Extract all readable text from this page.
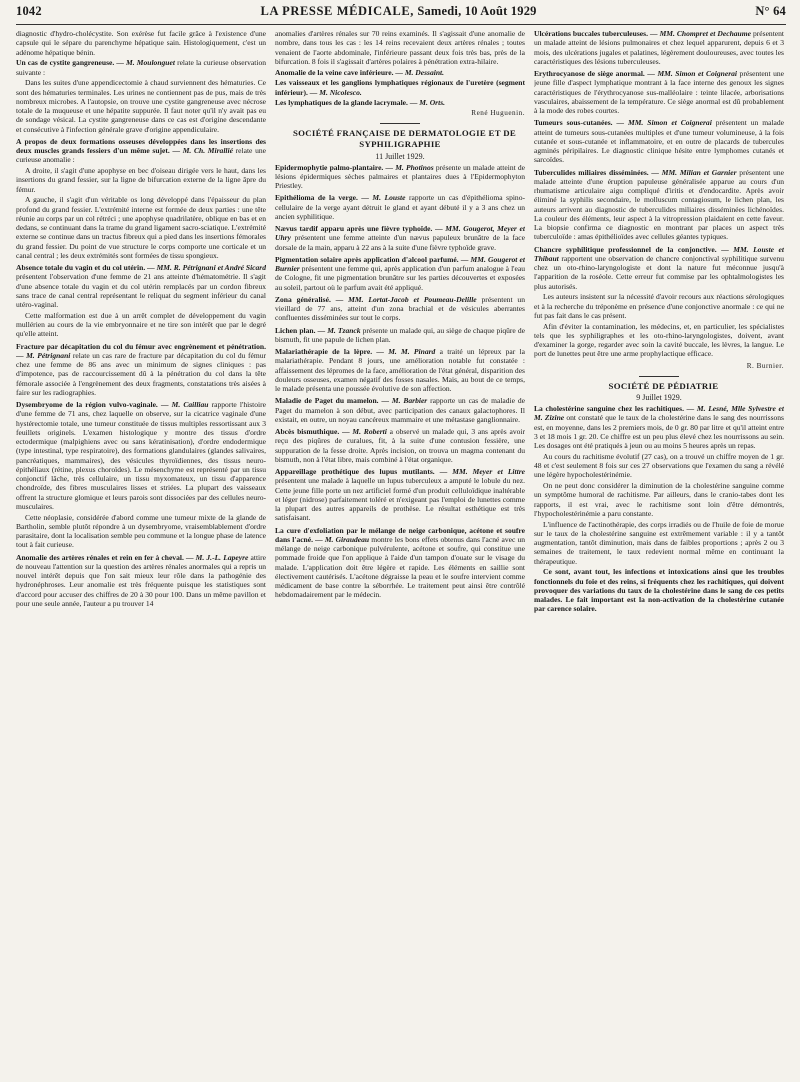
1042	LA PRESSE MÉDICALE, Samedi, 10 Août 1929	N° 64

diagnostic d'hydro-cholécystite. Son exérèse fut facile grâce à l'existence d'une capsule qui le sépare du parenchyme hépatique sain. Histologiquement, c'est un adénome hépatique bénin.

Un cas de cystite gangreneuse. — M. Moulonguet relate la curieuse observation suivante :

Dans les suites d'une appendicectomie à chaud surviennent des hématuries. Ce sont des hématuries terminales. Les urines ne contiennent pas de pus, mais de très nombreux microbes. A l'autopsie, on trouve une cystite gangreneuse avec nécrose totale de la muqueuse et une hépatite suppurée. Il faut noter qu'il n'y avait pas eu de sondage vésical. La cystite gangreneuse dans ce cas est d'origine descendante et consécutive à l'infection générale grave d'origine appendiculaire.

A propos de deux formations osseuses développées dans les insertions des deux muscles grands fessiers d'un même sujet. — M. Ch. Mirallié relate une curieuse anomalie :

A droite, il s'agit d'une apophyse en bec d'oiseau dirigée vers le haut, dans les insertions du grand fessier, sur la ligne de bifurcation externe de la ligne âpre du fémur.

A gauche, il s'agit d'un véritable os long développé dans l'épaisseur du plan profond du grand fessier. L'extrémité interne est formée de deux parties : une tête réunie au corps par un col rétréci ; une apophyse quadrilatère, oblique en bas et en dedans, se continuant dans la trame du grand ligament sacro-sciatique. L'extrémité externe se continue dans un tractus fibreux qui a pied dans les insertions fémorales du grand fessier. Du point de vue structure le corps comporte une corticale et un canal central ; les deux extrémités sont formées de tissu spongieux.

Absence totale du vagin et du col utérin. — MM. R. Pétrignani et André Sicard présentent l'observation d'une femme de 21 ans atteinte d'hématométrie. Il s'agit d'une absence totale du vagin et du col utérin remplacés par un cordon fibreux sans trace de canal central représentant le reliquat du segment inférieur du canal utéro-vaginal.

Cette malformation est due à un arrêt complet de développement du vagin mullérien au cours de la vie embryonnaire et ne tire son intérêt que par le degré qu'elle atteint.

Fracture par décapitation du col du fémur avec engrènement et pénétration. — M. Pétrignani relate un cas rare de fracture par décapitation du col du fémur chez une femme de 86 ans avec un minimum de signes cliniques : pas d'impotence, pas de raccourcissement dû à la pénétration du col dans la tête fémorale associée à l'engrènement des deux fragments, constatations très aisées à faire sur les radiographies.

Dysembryome de la région vulvo-vaginale. — M. Cailliau rapporte l'histoire d'une femme de 71 ans, chez laquelle on observe, sur la cicatrice vaginale d'une hystérectomie totale, une tumeur constituée de tissus multiples ressortissant aux 3 feuillets originels. L'examen histologique y montre des tissus d'ordre ectodermique (malpighiens avec ou sans kératinisation), d'ordre endodermique (type intestinal, type respiratoire), des formations glandulaires (glandes salivaires, pancréatiques, mammaires), des vésicules thyroïdiennes, des tissus neuro-épithéliaux (rétine, plexus choroïdes). Le mésenchyme est représenté par un tissu conjonctif lâche, très cellulaire, un tissu myxomateux, un tissu d'apparence chondroïde, des fibres musculaires lisses et striées. La plupart des vaisseaux offrent la structure glomique et leurs parois sont dissociées par des cellules neuro-musculaires.

Cette néoplasie, considérée d'abord comme une tumeur mixte de la glande de Bartholin, semble plutôt répondre à un dysembryome, vraisemblablement d'ordre parasitaire, dont la localisation semble peu commune et la longue phase de latence tout à fait curieuse.

Anomalie des artères rénales et rein en fer à cheval. — M. J.-L. Lapeyre attire de nouveau l'attention sur la question des artères rénales anormales qui a repris un nouvel intérêt depuis que l'on sait mieux leur rôle dans la pathogénie des hydronéphroses. Leur anomalie est très fréquente puisque les statistiques sont d'accord pour accuser des chiffres de 20 à 30 pour 100. Dans un même pavillon et pour une seule année, l'auteur a pu trouver 14

anomalies d'artères rénales sur 70 reins examinés. Il s'agissait d'une anomalie de nombre, dans tous les cas : les 14 reins recevaient deux artères rénales ; toutes venaient de l'aorte abdominale, l'inférieure passant deux fois très bas, près de la bifurcation. 8 fois il s'agissait d'artères polaires à pénétration extra-hilaire.

Anomalie de la veine cave inférieure. — M. Dessaint.

Les vaisseaux et les ganglions lymphatiques régionaux de l'uretère (segment inférieur). — M. Nicolesco.

Les lymphatiques de la glande lacrymale. — M. Orts.

René Huguenin.

SOCIÉTÉ FRANÇAISE DE DERMATOLOGIE ET DE SYPHILIGRAPHIE

11 Juillet 1929.

Epidermophytie palmo-plantaire. — M. Photinos présente un malade atteint de lésions épidermiques sèches palmaires et plantaires dues à l'Epidermophyton Priestley.

Epithélioma de la verge. — M. Louste rapporte un cas d'épithélioma spino-cellulaire de la verge ayant détruit le gland et ayant débuté il y a 3 ans chez un ancien syphilitique.

Nævus tardif apparu après une fièvre typhoïde. — MM. Gougerot, Meyer et Uhry présentent une femme atteinte d'un nævus papuleux brunâtre de la face dorsale de la main, apparu à 22 ans à la suite d'une fièvre typhoïde grave.

Pigmentation solaire après application d'alcool parfumé. — MM. Gougerot et Burnier présentent une femme qui, après application d'un parfum analogue à l'eau de Cologne, fit une pigmentation brunâtre sur les parties découvertes et exposées au soleil, partout où le parfum avait été appliqué.

Zona généralisé. — MM. Lortat-Jacob et Poumeau-Delille présentent un vieillard de 77 ans, atteint d'un zona brachial et de vésicules aberrantes confluentes disséminées sur tout le corps.

Lichen plan. — M. Tzanck présente un malade qui, au siège de chaque piqûre de bismuth, fit une papule de lichen plan.

Malariathérapie de la lèpre. — M. M. Pinard a traité un lépreux par la malariathérapie. Pendant 8 jours, une amélioration notable fut constatée : affaissement des lépromes de la face, amélioration de l'état général, disparition des douleurs osseuses, examen négatif des fosses nasales. Mais, au bout de ce temps, le malade présenta une poussée évolutive de son affection.

Maladie de Paget du mamelon. — M. Barbier rapporte un cas de maladie de Paget du mamelon à son début, avec participation des canaux galactophores. Il existait, en outre, un noyau cancéreux mammaire et une métastase ganglionnaire.

Abcès bismuthique. — M. Roberti a observé un malade qui, 3 ans après avoir reçu des piqûres de curalues, fit, à la suite d'une contusion fessière, une suppuration de la fesse droite. Après incision, on trouva un magma contenant du bismuth, non à l'état libre, mais combiné à l'état organique.

Appareillage prothétique des lupus mutilants. — MM. Meyer et Littre présentent une malade à laquelle un lupus tuberculeux a amputé le lobule du nez. Cette jeune fille porte un nez artificiel formé d'un produit celluloïdique inaltérable et léger (nidrose) parfaitement toléré et n'exigeant pas l'emploi de lunettes comme la plupart des autres appareils de prothèse. Le résultat esthétique est très satisfaisant.

La cure d'exfoliation par le mélange de neige carbonique, acétone et soufre dans l'acné. — M. Giraudeau montre les bons effets obtenus dans l'acné avec un mélange de neige carbonique pulvérulente, acétone et soufre, qui constitue une pommade froide que l'on applique à l'aide d'un tampon d'ouate sur le visage du malade. L'application doit être légère et rapide. Les éléments en saillie sont électivement cautérisés. L'acétone dégraisse la peau et le soufre intervient comme médicament de base contre la séborrhée. Le traitement peut ainsi être contrôlé hebdomadairement par le médecin.

Ulcérations buccales tuberculeuses. — MM. Chompret et Dechaume présentent un malade atteint de lésions pulmonaires et chez lequel apparurent, depuis 6 et 3 mois, des ulcérations jugales et palatines, légèrement douloureuses, avec toutes les caractéristiques des lésions tuberculeuses.

Erythrocyanose de siège anormal. — MM. Simon et Coignerai présentent une jeune fille d'aspect lymphatique montrant à la face interne des genoux les signes caractéristiques de l'érythrocyanose sus-malléolaire : teinte lilacée, arborisations vasculaires, abaissement de la température. Ce siège anormal est dû probablement à la mode des robes courtes.

Tumeurs sous-cutanées. — MM. Simon et Coignerai présentent un malade atteint de tumeurs sous-cutanées multiples et d'une tumeur volumineuse, à la fois cutanée et sous-cutanée et inflammatoire, et en outre de placards de tubercules agminés péripilaires. Le diagnostic clinique hésite entre lymphomes cutanés et sarcoïdes.

Tuberculides miliaires disséminées. — MM. Milian et Garnier présentent une malade atteinte d'une éruption papuleuse généralisée apparue au cours d'un rhumatisme articulaire aigu compliqué d'iritis et d'endocardite. Après avoir éliminé la syphilis secondaire, le molluscum contagiosum, le lichen plan, les auteurs arrivent au diagnostic de tuberculides miliaires disséminées lichénoïdes. La couleur des éléments, leur aspect à la vitropression plaidaient en cette faveur. La biopsie confirma ce diagnostic en montrant par places un aspect très tuberculoïde : amas épithélioïdes avec cellules géantes typiques.

Chancre syphilitique professionnel de la conjonctive. — MM. Louste et Thibaut rapportent une observation de chancre conjonctival syphilitique survenu chez un oto-rhino-laryngologiste et dont la nature fut méconnue jusqu'à l'apparition de la roséole. Cette erreur fut commise par les ophtalmologistes les plus autorisés.

Les auteurs insistent sur la nécessité d'avoir recours aux réactions sérologiques et à la recherche du tréponème en présence d'une conjonctive anormale : ce qui ne fut pas fait dans le cas présent.

Afin d'éviter la contamination, les médecins, et, en particulier, les spécialistes tels que les syphiligraphes et les oto-rhino-laryngologistes, doivent, avant d'examiner la gorge, regarder avec soin la cavité buccale, les lèvres, la langue. Le port de lunettes peut être une arme prophylactique efficace.

R. Burnier.

SOCIÉTÉ DE PÉDIATRIE

9 Juillet 1929.

La cholestérine sanguine chez les rachitiques. — M. Lesné, Mlle Sylvestre et M. Zizine ont constaté que le taux de la cholestérine dans le sang des nourrissons est, en moyenne, dans les 2 premiers mois, de 0 gr. 80 par litre et qu'il atteint entre 3 et 18 mois 1 gr. 20. Ce chiffre est un peu plus élevé chez les nourrissons au sein. Les dosages ont été pratiqués à jeun ou au moins 5 heures après un repas.

Au cours du rachitisme évolutif (27 cas), on a trouvé un chiffre moyen de 1 gr. 48 et c'est seulement 8 fois sur ces 27 observations que l'examen du sang a révélé une légère hypocholestérinémie.

On ne peut donc considérer la diminution de la cholestérine sanguine comme un symptôme humoral de rachitisme. Par ailleurs, dans le cranio-tabes dont les rapports, il est vrai, avec le rachitisme sont loin d'être démontrés, l'hypocholestérinémie a paru constante.

L'influence de l'actinothérapie, des corps irradiés ou de l'huile de foie de morue sur le taux de la cholestérine sanguine est extrêmement variable : il y a tantôt augmentation, tantôt diminution, mais dans de faibles proportions ; après 2 ou 3 semaines de traitement, le taux redevient normal même en continuant la thérapeutique.

Ce sont, avant tout, les infections et intoxications ainsi que les troubles fonctionnels du foie et des reins, si fréquents chez les rachitiques, qui doivent provoquer des variations du taux de la cholestérine dans le sang de ces petits malades. Le fait important est la non-activation de la cholestérine cutanée par carence solaire.
